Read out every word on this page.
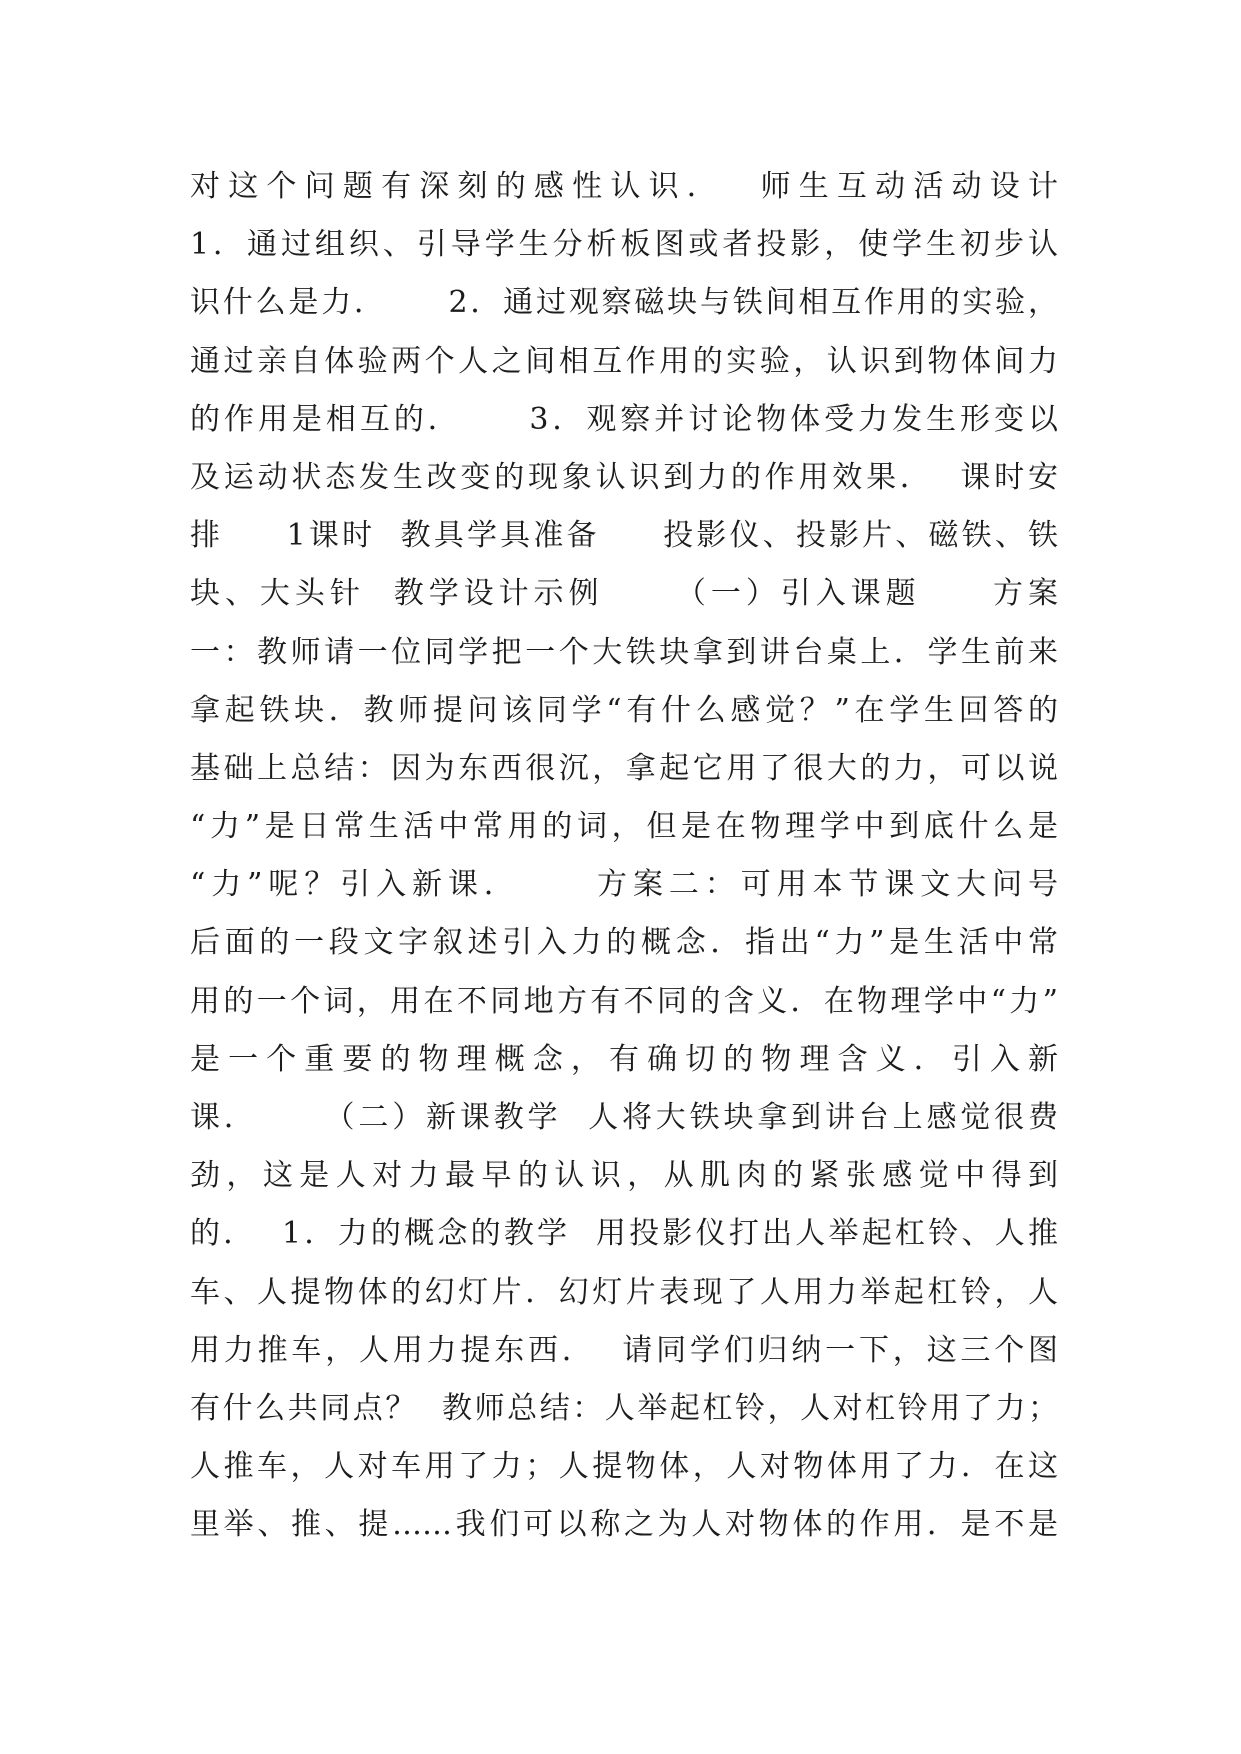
对这个问题有深刻的感性认识．  师生互动活动设计
1．通过组织、引导学生分析板图或者投影，使学生初步认
识什么是力．     2．通过观察磁块与铁间相互作用的实验，
通过亲自体验两个人之间相互作用的实验，认识到物体间力
的作用是相互的．     3．观察并讨论物体受力发生形变以
及运动状态发生改变的现象认识到力的作用效果．  课时安
排     1课时  教具学具准备     投影仪、投影片、磁铁、铁
块、大头针  教学设计示例     （一）引入课题     方案
一：教师请一位同学把一个大铁块拿到讲台桌上．学生前来
拿起铁块．教师提问该同学“有什么感觉？”在学生回答的
基础上总结：因为东西很沉，拿起它用了很大的力，可以说
“力”是日常生活中常用的词，但是在物理学中到底什么是
“力”呢？引入新课．     方案二：可用本节课文大问号
后面的一段文字叙述引入力的概念．指出“力”是生活中常
用的一个词，用在不同地方有不同的含义．在物理学中“力”
是一个重要的物理概念，有确切的物理含义．引入新
课．     （二）新课教学  人将大铁块拿到讲台上感觉很费
劲，这是人对力最早的认识，从肌肉的紧张感觉中得到
的．  1．力的概念的教学  用投影仪打出人举起杠铃、人推
车、人提物体的幻灯片．幻灯片表现了人用力举起杠铃，人
用力推车，人用力提东西．  请同学们归纳一下，这三个图
有什么共同点？  教师总结：人举起杠铃，人对杠铃用了力；
人推车，人对车用了力；人提物体，人对物体用了力．在这
里举、推、提……我们可以称之为人对物体的作用．是不是
